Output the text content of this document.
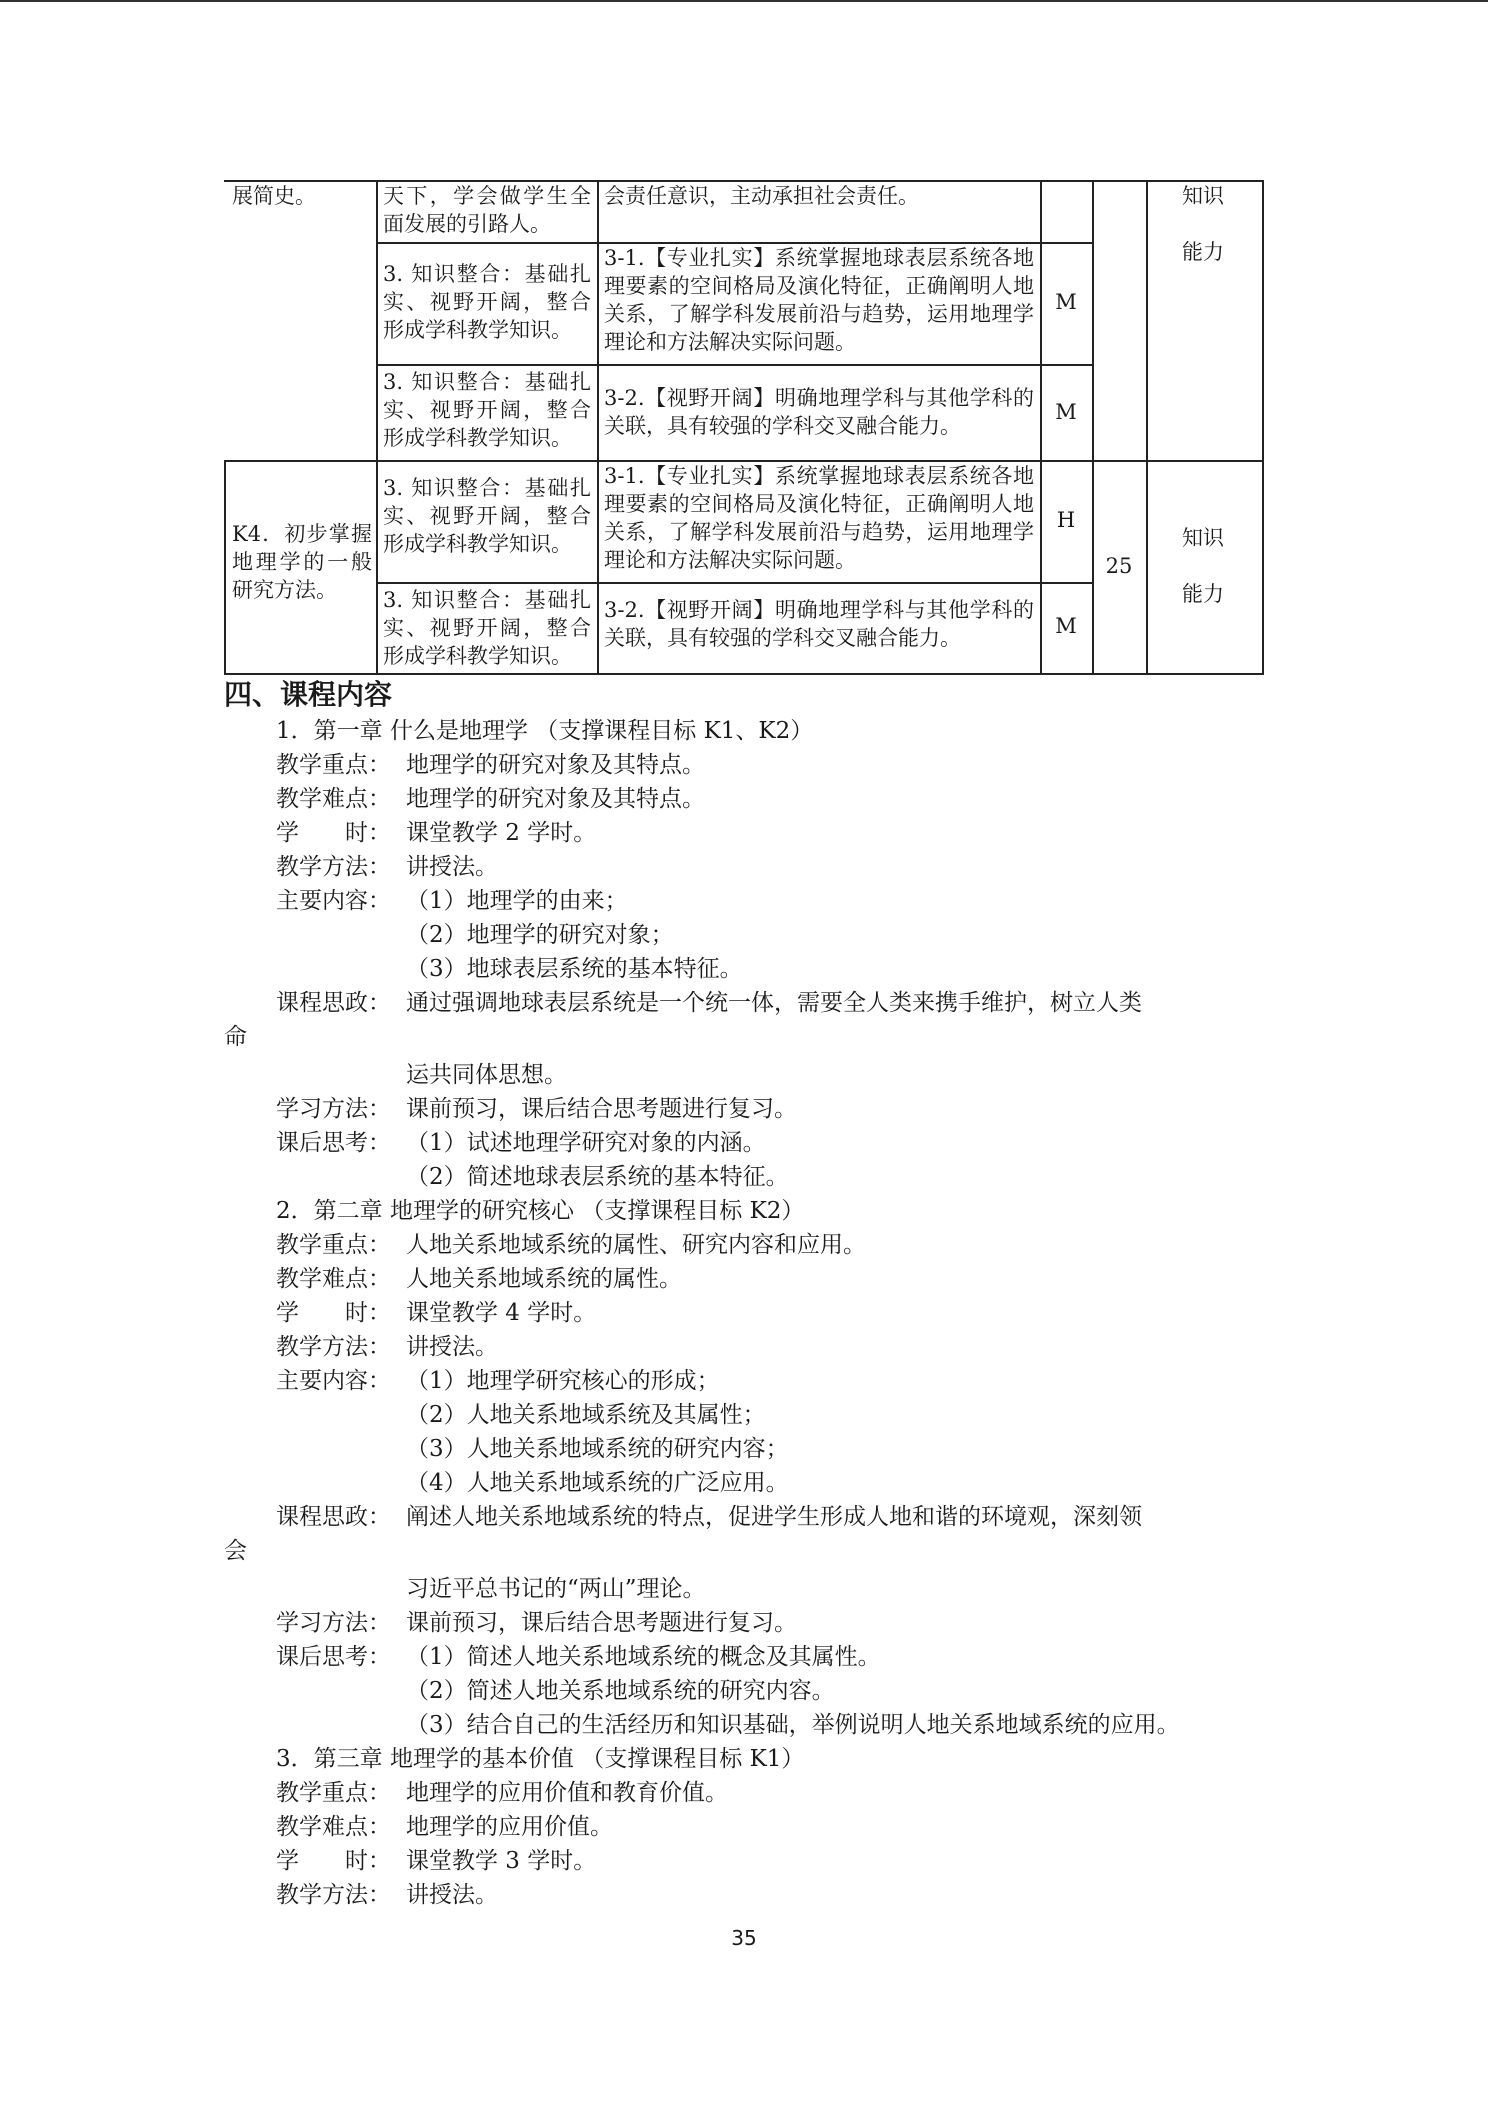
展简史。	天下，学会做学生全面发展的引路人。
会责任意识，主动承担社会责任。
3. 知识整合：基础扎实、视野开阔，整合形成学科教学知识。
3-1.【专业扎实】系统掌握地球表层系统各地理要素的空间格局及演化特征，正确阐明人地关系，了解学科发展前沿与趋势，运用地理学理论和方法解决实际问题。
M
3. 知识整合：基础扎实、视野开阔，整合形成学科教学知识。
3-2.【视野开阔】明确地理学科与其他学科的关联，具有较强的学科交叉融合能力。
M
知识
能力
K4．初步掌握地理学的一般研究方法。
3. 知识整合：基础扎实、视野开阔，整合形成学科教学知识。
3-1.【专业扎实】系统掌握地球表层系统各地理要素的空间格局及演化特征，正确阐明人地关系，了解学科发展前沿与趋势，运用地理学理论和方法解决实际问题。
H
3. 知识整合：基础扎实、视野开阔，整合形成学科教学知识。
3-2.【视野开阔】明确地理学科与其他学科的关联，具有较强的学科交叉融合能力。	M
25
知识
能力
四、课程内容
1．第一章 什么是地理学 （支撑课程目标 K1、K2）
教学重点： 地理学的研究对象及其特点。
教学难点： 地理学的研究对象及其特点。
学　　时： 课堂教学 2 学时。
教学方法： 讲授法。
主要内容： （1）地理学的由来；
（2）地理学的研究对象；
（3）地球表层系统的基本特征。
课程思政： 通过强调地球表层系统是一个统一体，需要全人类来携手维护，树立人类
命
运共同体思想。
学习方法： 课前预习，课后结合思考题进行复习。
课后思考： （1）试述地理学研究对象的内涵。
（2）简述地球表层系统的基本特征。
2．第二章 地理学的研究核心 （支撑课程目标 K2）
教学重点： 人地关系地域系统的属性、研究内容和应用。
教学难点： 人地关系地域系统的属性。
学　　时： 课堂教学 4 学时。
教学方法： 讲授法。
主要内容： （1）地理学研究核心的形成；
（2）人地关系地域系统及其属性；
（3）人地关系地域系统的研究内容；
（4）人地关系地域系统的广泛应用。
课程思政： 阐述人地关系地域系统的特点，促进学生形成人地和谐的环境观，深刻领
会
习近平总书记的“两山”理论。
学习方法： 课前预习，课后结合思考题进行复习。
课后思考： （1）简述人地关系地域系统的概念及其属性。
（2）简述人地关系地域系统的研究内容。
（3）结合自己的生活经历和知识基础，举例说明人地关系地域系统的应用。
3．第三章 地理学的基本价值 （支撑课程目标 K1）
教学重点： 地理学的应用价值和教育价值。
教学难点： 地理学的应用价值。
学　　时： 课堂教学 3 学时。
教学方法： 讲授法。
35
